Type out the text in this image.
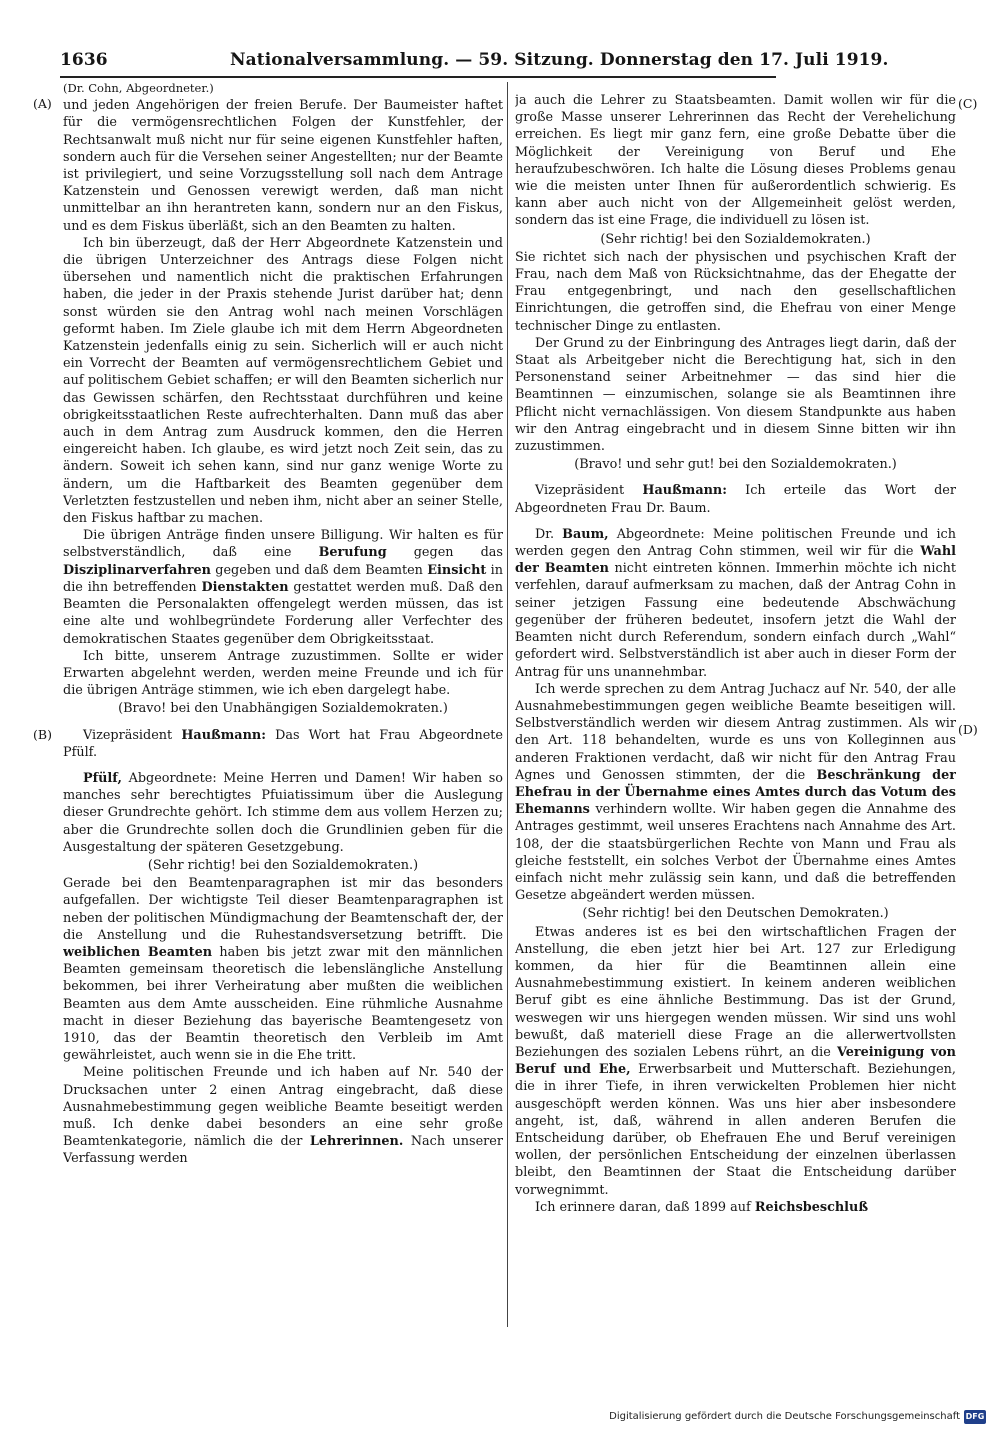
1636	Nationalversammlung. — 59. Sitzung. Donnerstag den 17. Juli 1919.
(A)
(B)
(C)
(D)

(Dr. Cohn, Abgeordneter.)

und jeden Angehörigen der freien Berufe. Der Baumeister haftet für die vermögensrechtlichen Folgen der Kunstfehler, der Rechtsanwalt muß nicht nur für seine eigenen Kunstfehler haften, sondern auch für die Versehen seiner Angestellten; nur der Beamte ist privilegiert, und seine Vorzugsstellung soll nach dem Antrage Katzenstein und Genossen verewigt werden, daß man nicht unmittelbar an ihn herantreten kann, sondern nur an den Fiskus, und es dem Fiskus überläßt, sich an den Beamten zu halten.

Ich bin überzeugt, daß der Herr Abgeordnete Katzenstein und die übrigen Unterzeichner des Antrags diese Folgen nicht übersehen und namentlich nicht die praktischen Erfahrungen haben, die jeder in der Praxis stehende Jurist darüber hat; denn sonst würden sie den Antrag wohl nach meinen Vorschlägen geformt haben. Im Ziele glaube ich mit dem Herrn Abgeordneten Katzenstein jedenfalls einig zu sein. Sicherlich will er auch nicht ein Vorrecht der Beamten auf vermögensrechtlichem Gebiet und auf politischem Gebiet schaffen; er will den Beamten sicherlich nur das Gewissen schärfen, den Rechtsstaat durchführen und keine obrigkeitsstaatlichen Reste aufrechterhalten. Dann muß das aber auch in dem Antrag zum Ausdruck kommen, den die Herren eingereicht haben. Ich glaube, es wird jetzt noch Zeit sein, das zu ändern. Soweit ich sehen kann, sind nur ganz wenige Worte zu ändern, um die Haftbarkeit des Beamten gegenüber dem Verletzten festzustellen und neben ihm, nicht aber an seiner Stelle, den Fiskus haftbar zu machen.

Die übrigen Anträge finden unsere Billigung. Wir halten es für selbstverständlich, daß eine Berufung gegen das Disziplinarverfahren gegeben und daß dem Beamten Einsicht in die ihn betreffenden Dienstakten gestattet werden muß. Daß den Beamten die Personalakten offengelegt werden müssen, das ist eine alte und wohlbegründete Forderung aller Verfechter des demokratischen Staates gegenüber dem Obrigkeitsstaat.

Ich bitte, unserem Antrage zuzustimmen. Sollte er wider Erwarten abgelehnt werden, werden meine Freunde und ich für die übrigen Anträge stimmen, wie ich eben dargelegt habe.

(Bravo! bei den Unabhängigen Sozialdemokraten.)

Vizepräsident Haußmann: Das Wort hat Frau Abgeordnete Pfülf.

Pfülf, Abgeordnete: Meine Herren und Damen! Wir haben so manches sehr berechtigtes Pfuiatissimum über die Auslegung dieser Grundrechte gehört. Ich stimme dem aus vollem Herzen zu; aber die Grundrechte sollen doch die Grundlinien geben für die Ausgestaltung der späteren Gesetzgebung.

(Sehr richtig! bei den Sozialdemokraten.)

Gerade bei den Beamtenparagraphen ist mir das besonders aufgefallen. Der wichtigste Teil dieser Beamtenparagraphen ist neben der politischen Mündigmachung der Beamtenschaft der, der die Anstellung und die Ruhestandsversetzung betrifft. Die weiblichen Beamten haben bis jetzt zwar mit den männlichen Beamten gemeinsam theoretisch die lebenslängliche Anstellung bekommen, bei ihrer Verheiratung aber mußten die weiblichen Beamten aus dem Amte ausscheiden. Eine rühmliche Ausnahme macht in dieser Beziehung das bayerische Beamtengesetz von 1910, das der Beamtin theoretisch den Verbleib im Amt gewährleistet, auch wenn sie in die Ehe tritt.

Meine politischen Freunde und ich haben auf Nr. 540 der Drucksachen unter 2 einen Antrag eingebracht, daß diese Ausnahmebestimmung gegen weibliche Beamte beseitigt werden muß. Ich denke dabei besonders an eine sehr große Beamtenkategorie, nämlich die der Lehrerinnen. Nach unserer Verfassung werden

ja auch die Lehrer zu Staatsbeamten. Damit wollen wir für die große Masse unserer Lehrerinnen das Recht der Verehelichung erreichen. Es liegt mir ganz fern, eine große Debatte über die Möglichkeit der Vereinigung von Beruf und Ehe heraufzubeschwören. Ich halte die Lösung dieses Problems genau wie die meisten unter Ihnen für außerordentlich schwierig. Es kann aber auch nicht von der Allgemeinheit gelöst werden, sondern das ist eine Frage, die individuell zu lösen ist.

(Sehr richtig! bei den Sozialdemokraten.)

Sie richtet sich nach der physischen und psychischen Kraft der Frau, nach dem Maß von Rücksichtnahme, das der Ehegatte der Frau entgegenbringt, und nach den gesellschaftlichen Einrichtungen, die getroffen sind, die Ehefrau von einer Menge technischer Dinge zu entlasten.

Der Grund zu der Einbringung des Antrages liegt darin, daß der Staat als Arbeitgeber nicht die Berechtigung hat, sich in den Personenstand seiner Arbeitnehmer — das sind hier die Beamtinnen — einzumischen, solange sie als Beamtinnen ihre Pflicht nicht vernachlässigen. Von diesem Standpunkte aus haben wir den Antrag eingebracht und in diesem Sinne bitten wir ihn zuzustimmen.

(Bravo! und sehr gut! bei den Sozialdemokraten.)

Vizepräsident Haußmann: Ich erteile das Wort der Abgeordneten Frau Dr. Baum.

Dr. Baum, Abgeordnete: Meine politischen Freunde und ich werden gegen den Antrag Cohn stimmen, weil wir für die Wahl der Beamten nicht eintreten können. Immerhin möchte ich nicht verfehlen, darauf aufmerksam zu machen, daß der Antrag Cohn in seiner jetzigen Fassung eine bedeutende Abschwächung gegenüber der früheren bedeutet, insofern jetzt die Wahl der Beamten nicht durch Referendum, sondern einfach durch „Wahl“ gefordert wird. Selbstverständlich ist aber auch in dieser Form der Antrag für uns unannehmbar.

Ich werde sprechen zu dem Antrag Juchacz auf Nr. 540, der alle Ausnahmebestimmungen gegen weibliche Beamte beseitigen will. Selbstverständlich werden wir diesem Antrag zustimmen. Als wir den Art. 118 behandelten, wurde es uns von Kolleginnen aus anderen Fraktionen verdacht, daß wir nicht für den Antrag Frau Agnes und Genossen stimmten, der die Beschränkung der Ehefrau in der Übernahme eines Amtes durch das Votum des Ehemanns verhindern wollte. Wir haben gegen die Annahme des Antrages gestimmt, weil unseres Erachtens nach Annahme des Art. 108, der die staatsbürgerlichen Rechte von Mann und Frau als gleiche feststellt, ein solches Verbot der Übernahme eines Amtes einfach nicht mehr zulässig sein kann, und daß die betreffenden Gesetze abgeändert werden müssen.

(Sehr richtig! bei den Deutschen Demokraten.)

Etwas anderes ist es bei den wirtschaftlichen Fragen der Anstellung, die eben jetzt hier bei Art. 127 zur Erledigung kommen, da hier für die Beamtinnen allein eine Ausnahmebestimmung existiert. In keinem anderen weiblichen Beruf gibt es eine ähnliche Bestimmung. Das ist der Grund, weswegen wir uns hiergegen wenden müssen. Wir sind uns wohl bewußt, daß materiell diese Frage an die allerwertvollsten Beziehungen des sozialen Lebens rührt, an die Vereinigung von Beruf und Ehe, Erwerbsarbeit und Mutterschaft. Beziehungen, die in ihrer Tiefe, in ihren verwickelten Problemen hier nicht ausgeschöpft werden können. Was uns hier aber insbesondere angeht, ist, daß, während in allen anderen Berufen die Entscheidung darüber, ob Ehefrauen Ehe und Beruf vereinigen wollen, der persönlichen Entscheidung der einzelnen überlassen bleibt, den Beamtinnen der Staat die Entscheidung darüber vorwegnimmt.

Ich erinnere daran, daß 1899 auf Reichsbeschluß

Digitalisierung gefördert durch die Deutsche Forschungsgemeinschaft DFG
